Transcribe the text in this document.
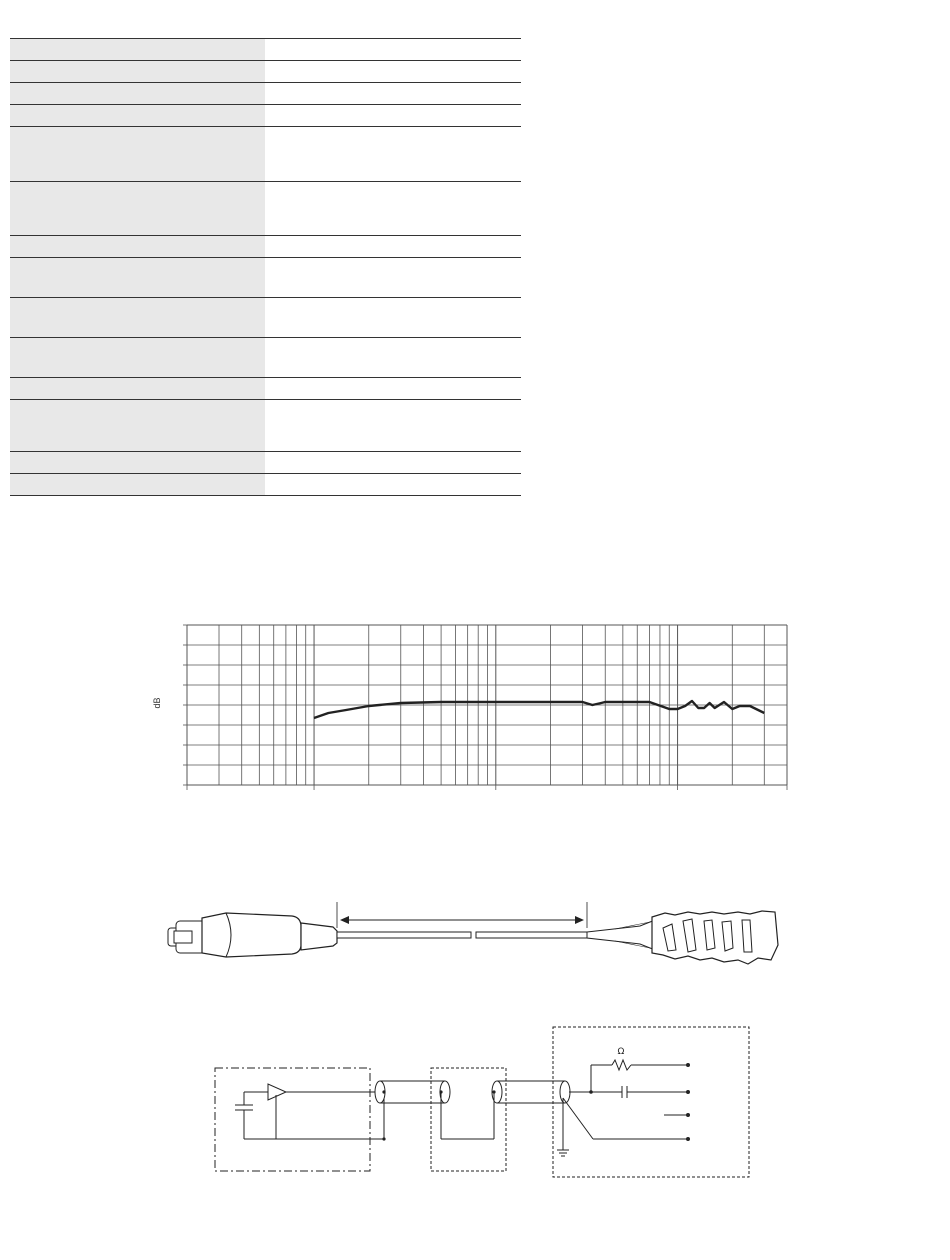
dB
Ω
